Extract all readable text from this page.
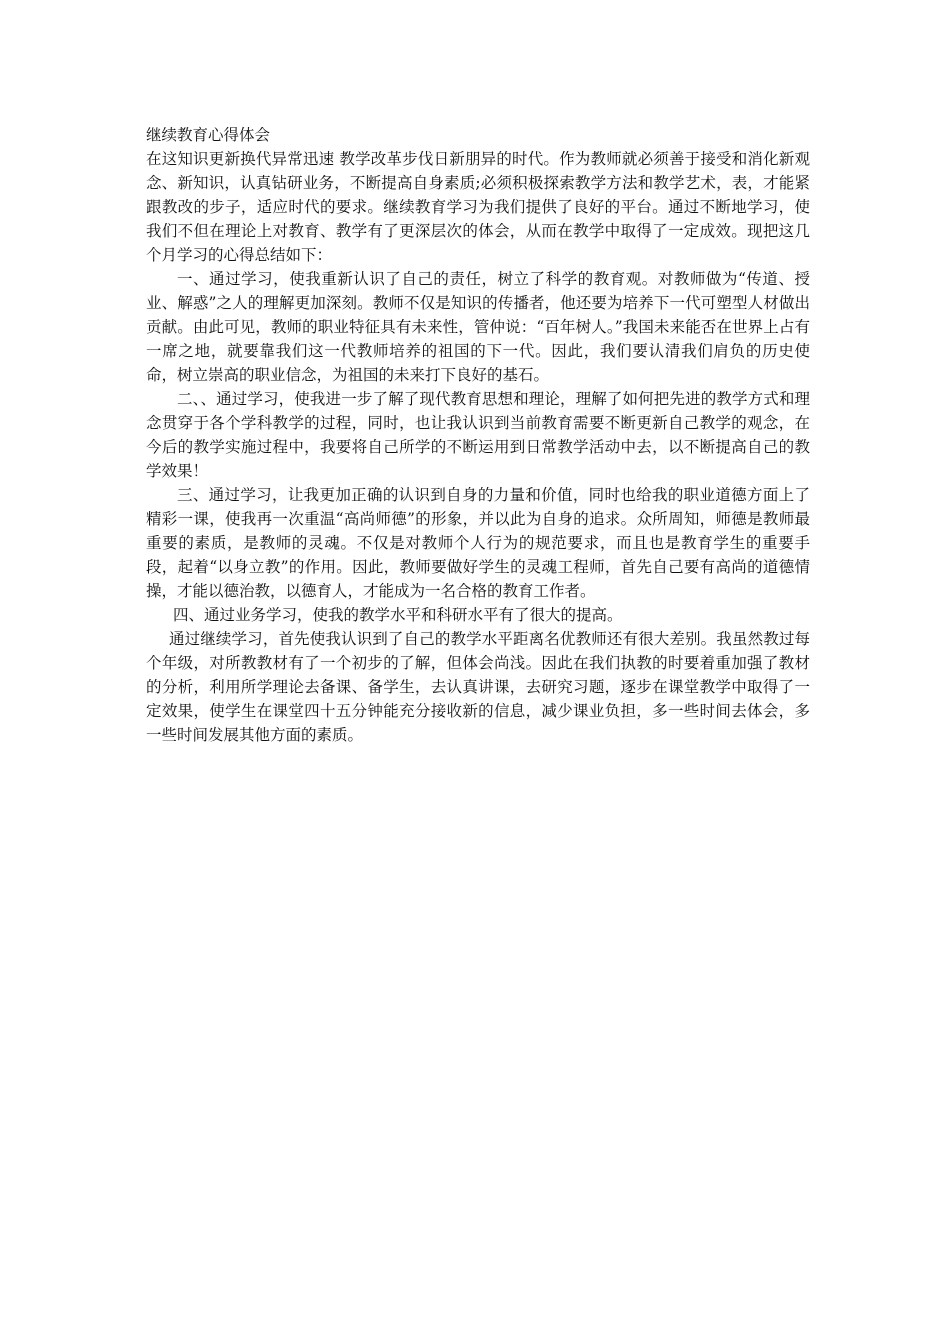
继续教育心得体会

在这知识更新换代异常迅速 教学改革步伐日新朋异的时代。作为教师就必须善于接受和消化新观念、新知识，认真钻研业务，不断提高自身素质;必须积极探索教学方法和教学艺术，表，才能紧跟教改的步子，适应时代的要求。继续教育学习为我们提供了良好的平台。通过不断地学习，使我们不但在理论上对教育、教学有了更深层次的体会，从而在教学中取得了一定成效。现把这几个月学习的心得总结如下：

一、通过学习，使我重新认识了自己的责任，树立了科学的教育观。对教师做为“传道、授业、解惑”之人的理解更加深刻。教师不仅是知识的传播者，他还要为培养下一代可塑型人材做出贡献。由此可见，教师的职业特征具有未来性，管仲说：“百年树人。”我国未来能否在世界上占有一席之地，就要靠我们这一代教师培养的祖国的下一代。因此，我们要认清我们肩负的历史使命，树立崇高的职业信念，为祖国的未来打下良好的基石。

二、、通过学习，使我进一步了解了现代教育思想和理论，理解了如何把先进的教学方式和理念贯穿于各个学科教学的过程，同时，也让我认识到当前教育需要不断更新自己教学的观念，在今后的教学实施过程中，我要将自己所学的不断运用到日常教学活动中去，以不断提高自己的教学效果！

三、通过学习，让我更加正确的认识到自身的力量和价值，同时也给我的职业道德方面上了精彩一课，使我再一次重温“高尚师德”的形象，并以此为自身的追求。众所周知，师德是教师最重要的素质，是教师的灵魂。不仅是对教师个人行为的规范要求，而且也是教育学生的重要手段，起着“以身立教”的作用。因此，教师要做好学生的灵魂工程师，首先自己要有高尚的道德情操，才能以德治教，以德育人，才能成为一名合格的教育工作者。

四、通过业务学习，使我的教学水平和科研水平有了很大的提高。

通过继续学习，首先使我认识到了自己的教学水平距离名优教师还有很大差别。我虽然教过每个年级，对所教教材有了一个初步的了解，但体会尚浅。因此在我们执教的时要着重加强了教材的分析，利用所学理论去备课、备学生，去认真讲课，去研究习题，逐步在课堂教学中取得了一定效果，使学生在课堂四十五分钟能充分接收新的信息，减少课业负担，多一些时间去体会，多一些时间发展其他方面的素质。
